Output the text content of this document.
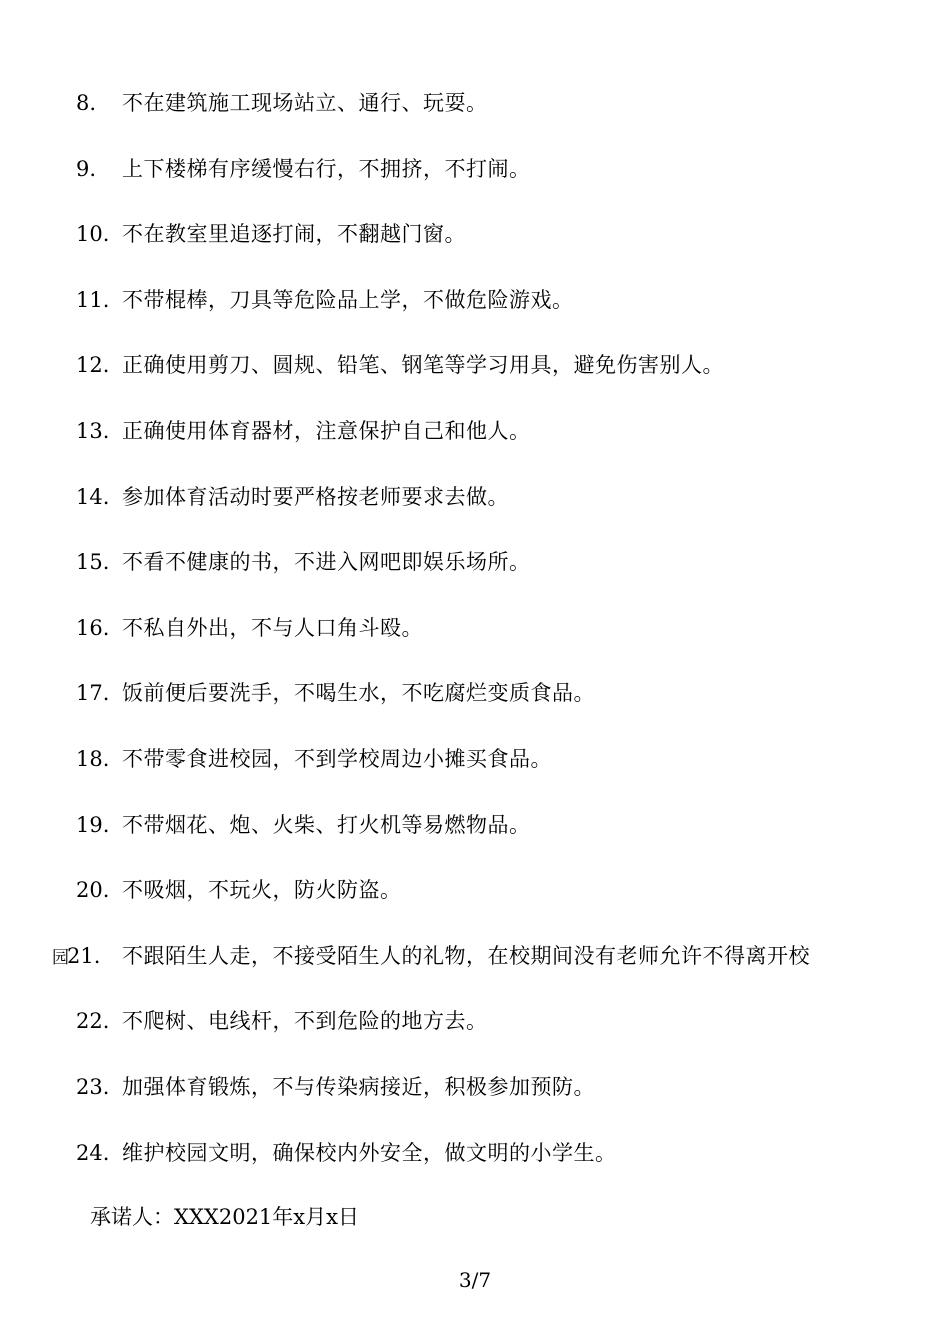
8. 不在建筑施工现场站立、通行、玩耍。
9. 上下楼梯有序缓慢右行，不拥挤，不打闹。
10. 不在教室里追逐打闹，不翻越门窗。
11. 不带棍棒，刀具等危险品上学，不做危险游戏。
12. 正确使用剪刀、圆规、铅笔、钢笔等学习用具，避免伤害别人。
13. 正确使用体育器材，注意保护自己和他人。
14. 参加体育活动时要严格按老师要求去做。
15. 不看不健康的书，不进入网吧即娱乐场所。
16. 不私自外出，不与人口角斗殴。
17. 饭前便后要洗手，不喝生水，不吃腐烂变质食品。
18. 不带零食进校园，不到学校周边小摊买食品。
19. 不带烟花、炮、火柴、打火机等易燃物品。
20. 不吸烟，不玩火，防火防盗。
园21. 不跟陌生人走，不接受陌生人的礼物，在校期间没有老师允许不得离开校
22. 不爬树、电线杆，不到危险的地方去。
23. 加强体育锻炼，不与传染病接近，积极参加预防。
24. 维护校园文明，确保校内外安全，做文明的小学生。
承诺人：XXX2021年x月x日
3/7
